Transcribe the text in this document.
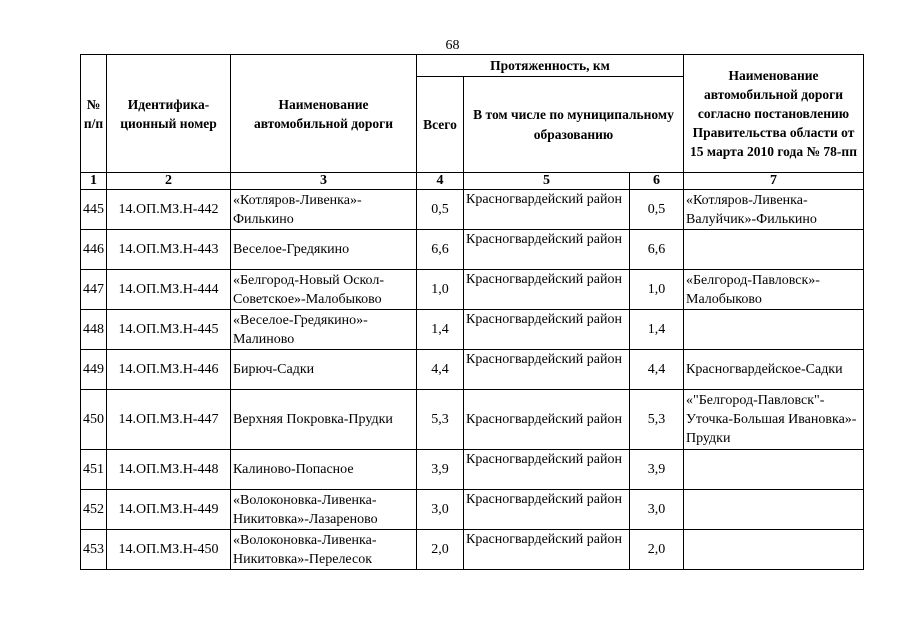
68
№ п/п	Идентифика-ционный номер	Наименование автомобильной дороги	Протяженность, км			Наименование автомобильной дороги согласно постановлению Правительства области от 15 марта 2010 года № 78-пп
			Всего	В том числе по муниципальному образованию		
1	2	3	4	5	6	7
445	14.ОП.МЗ.Н-442	«Котляров-Ливенка»-Филькино	0,5	Красногвардейский район	0,5	«Котляров-Ливенка-Валуйчик»-Филькино
446	14.ОП.МЗ.Н-443	Веселое-Гредякино	6,6	Красногвардейский район	6,6	
447	14.ОП.МЗ.Н-444	«Белгород-Новый Оскол-Советское»-Малобыково	1,0	Красногвардейский район	1,0	«Белгород-Павловск»-Малобыково
448	14.ОП.МЗ.Н-445	«Веселое-Гредякино»-Малиново	1,4	Красногвардейский район	1,4	
449	14.ОП.МЗ.Н-446	Бирюч-Садки	4,4	Красногвардейский район	4,4	Красногвардейское-Садки
450	14.ОП.МЗ.Н-447	Верхняя Покровка-Прудки	5,3	Красногвардейский район	5,3	«"Белгород-Павловск"-Уточка-Большая Ивановка»-Прудки
451	14.ОП.МЗ.Н-448	Калиново-Попасное	3,9	Красногвардейский район	3,9	
452	14.ОП.МЗ.Н-449	«Волоконовка-Ливенка-Никитовка»-Лазареново	3,0	Красногвардейский район	3,0	
453	14.ОП.МЗ.Н-450	«Волоконовка-Ливенка-Никитовка»-Перелесок	2,0	Красногвардейский район	2,0	
